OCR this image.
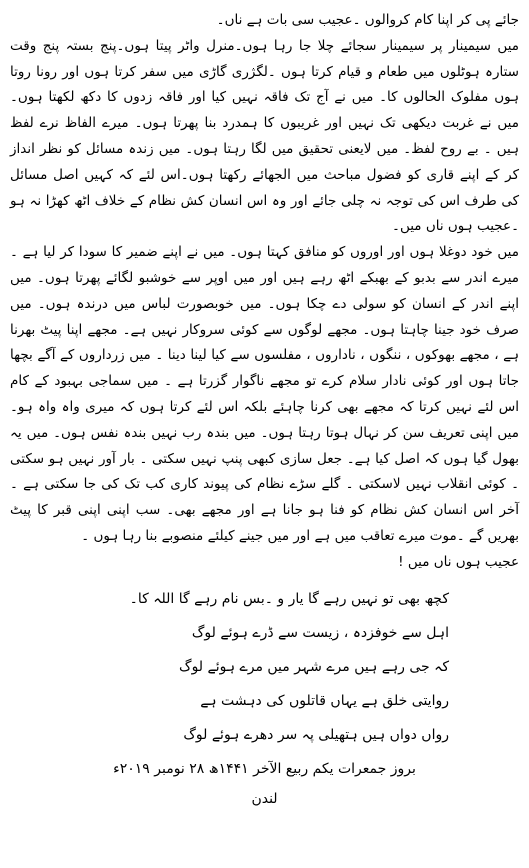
جائے پی کر اپنا کام کروالوں ۔عجیب سی بات ہے ناں۔

میں سیمینار پر سیمینار سجائے چلا جا رہا ہوں۔منرل واٹر پیتا ہوں۔پنج بستہ پنج وقت ستارہ ہوٹلوں میں طعام و قیام کرتا ہوں ۔لگژری گاڑی میں سفر کرتا ہوں اور رونا روتا ہوں مفلوک الحالوں کا۔ میں نے آج تک فاقہ نہیں کیا اور فاقہ زدوں کا دکھ لکھتا ہوں۔ میں نے غربت دیکھی تک نہیں اور غریبوں کا ہمدرد بنا پھرتا ہوں۔ میرے الفاظ نرے لفظ ہیں ۔ بے روح لفظ۔ میں لایعنی تحقیق میں لگا رہتا ہوں۔ میں زندہ مسائل کو نظر انداز کر کے اپنے قاری کو فضول مباحث میں الجھائے رکھتا ہوں۔اس لئے کہ کہیں اصل مسائل کی طرف اس کی توجہ نہ چلی جائے اور وہ اس انسان کش نظام کے خلاف اٹھ کھڑا نہ ہو ۔عجیب ہوں ناں میں۔

میں خود دوغلا ہوں اور اوروں کو منافق کہتا ہوں۔ میں نے اپنے ضمیر کا سودا کر لیا ہے ۔میرے اندر سے بدبو کے بھبکے اٹھ رہے ہیں اور میں اوپر سے خوشبو لگائے پھرتا ہوں۔ میں اپنے اندر کے انسان کو سولی دے چکا ہوں۔ میں خوبصورت لباس میں درندہ ہوں۔ میں صرف خود جینا چاہتا ہوں۔ مجھے لوگوں سے کوئی سروکار نہیں ہے۔ مجھے اپنا پیٹ بھرنا ہے ، مجھے بھوکوں ، ننگوں ، ناداروں ، مفلسوں سے کیا لینا دینا ۔ میں زرداروں کے آگے بچھا جاتا ہوں اور کوئی نادار سلام کرے تو مجھے ناگوار گزرتا ہے ۔ میں سماجی بہبود کے کام اس لئے نہیں کرتا کہ مجھے بھی کرنا چاہئے بلکہ اس لئے کرتا ہوں کہ میری واہ واہ ہو۔ میں اپنی تعریف سن کر نہال ہوتا رہتا ہوں۔ میں بندہ رب نہیں بندہ نفس ہوں۔ میں یہ بھول گیا ہوں کہ اصل کیا ہے۔ جعل سازی کبھی پنپ نہیں سکتی ۔ بار آور نہیں ہو سکتی ۔ کوئی انقلاب نہیں لاسکتی ۔ گلے سڑے نظام کی پیوند کاری کب تک کی جا سکتی ہے ۔ آخر اس انسان کش نظام کو فنا ہو جانا ہے اور مجھے بھی۔ سب اپنی اپنی قبر کا پیٹ بھریں گے ۔موت میرے تعاقب میں ہے اور میں جینے کیلئے منصوبے بنا رہا ہوں ۔

عجیب ہوں ناں میں !

کچھ بھی تو نہیں رہے گا یار و ۔بس نام رہے گا اللہ کا۔

اہل سے خوفزدہ ، زیست سے ڈرے ہوئے لوگ

کہ جی رہے ہیں مرے شہر میں مرے ہوئے لوگ

روایتی خلق ہے یہاں قاتلوں کی دہشت ہے

رواں دواں ہیں ہتھیلی پہ سر دھرے ہوئے لوگ

بروز جمعرات یکم ربیع الآخر ۱۴۴۱ھ ۲۸ نومبر ۲۰۱۹ء
لندن
